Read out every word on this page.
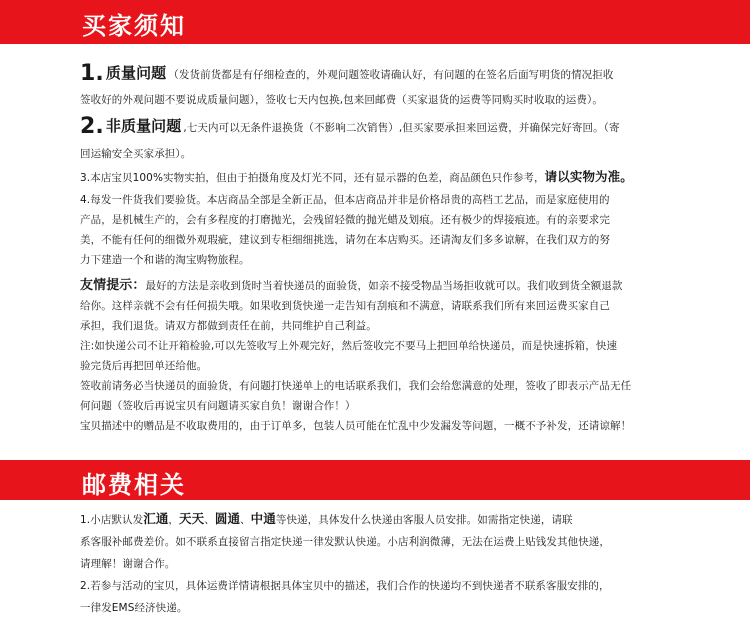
买家须知
1. 质量问题 （发货前货都是有仔细检查的，外观问题签收请确认好，有问题的在签名后面写明货的情况拒收
签收好的外观问题不要说成质量问题），签收七天内包换,包来回邮费（买家退货的运费等同购买时收取的运费）。
2. 非质量问题 ,七天内可以无条件退换货（不影响二次销售）,但买家要承担来回运费，并确保完好寄回。（寄
回运输安全买家承担）。
3.本店宝贝100%实物实拍，但由于拍摄角度及灯光不同，还有显示器的色差，商品颜色只作参考，请以实物为准。
4.每发一件货我们要验货。本店商品全部是全新正品，但本店商品并非是价格昂贵的高档工艺品，而是家庭使用的
产品，是机械生产的，会有多程度的打磨抛光，会残留轻微的抛光蜡及划痕。还有极少的焊接痕迹。有的亲要求完
美，不能有任何的细微外观瑕疵，建议到专柜细细挑选，请勿在本店购买。还请淘友们多多谅解，在我们双方的努
力下建造一个和谐的淘宝购物旅程。
友情提示：最好的方法是亲收到货时当着快递员的面验货，如亲不接受物品当场拒收就可以。我们收到货全额退款
给你。这样亲就不会有任何损失哦。如果收到货快递一走告知有刮痕和不满意，请联系我们所有来回运费买家自己
承担，我们退货。请双方都做到责任在前，共同维护自己利益。
注:如快递公司不让开箱检验,可以先签收写上外观完好，然后签收完不要马上把回单给快递员，而是快速拆箱，快速
验完货后再把回单还给他。
签收前请务必当快递员的面验货，有问题打快递单上的电话联系我们，我们会给您满意的处理，签收了即表示产品无任
何问题（签收后再说宝贝有问题请买家自负！谢谢合作！）
宝贝描述中的赠品是不收取费用的，由于订单多，包装人员可能在忙乱中少发漏发等问题，一概不予补发，还请谅解！
邮费相关
1.小店默认发汇通，天天、圆通、中通等快递，具体发什么快递由客服人员安排。如需指定快递，请联
系客服补邮费差价。如不联系直接留言指定快递一律发默认快递。小店利润微薄，无法在运费上贴钱发其他快递，
请理解！谢谢合作。
2.若参与活动的宝贝，具体运费详情请根据具体宝贝中的描述，我们合作的快递均不到快递者不联系客服安排的，
一律发EMS经济快递。
